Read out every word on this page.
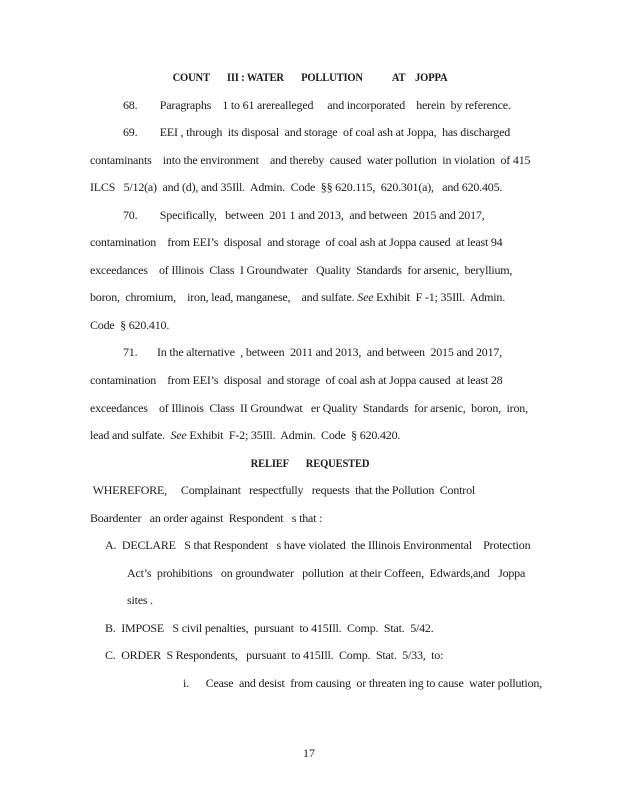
COUNT       III : WATER       POLLUTION            AT    JOPPA
68.        Paragraphs    1 to 61 arerealleged     and incorporated    herein  by reference.
69.        EEI , through  its disposal  and storage  of coal ash at Joppa,  has discharged
contaminants    into the environment    and thereby  caused  water pollution  in violation  of 415
ILCS   5/12(a)  and (d), and 35Ill.  Admin.  Code  §§ 620.115,  620.301(a),   and 620.405.
70.        Specifically,   between  201 1 and 2013,  and between  2015 and 2017,
contamination    from EEI’s  disposal  and storage  of coal ash at Joppa caused  at least 94
exceedances    of Illinois  Class  I Groundwater   Quality  Standards  for arsenic,  beryllium,
boron,  chromium,    iron, lead, manganese,    and sulfate. See Exhibit  F -1; 35Ill.  Admin.
Code  § 620.410.
71.       In the alternative  , between  2011 and 2013,  and between  2015 and 2017,
contamination    from EEI’s  disposal  and storage  of coal ash at Joppa caused  at least 28
exceedances    of Illinois  Class  II Groundwat   er Quality  Standards  for arsenic,  boron,  iron,
lead and sulfate.  See Exhibit  F-2; 35Ill.  Admin.  Code  § 620.420.
RELIEF       REQUESTED
WHEREFORE,     Complainant   respectfully   requests  that the Pollution  Control
Boardenter   an order against  Respondent   s that :
A.  DECLARE   S that Respondent   s have violated  the Illinois Environmental    Protection
Act’s  prohibitions   on groundwater   pollution  at their Coffeen,  Edwards,and   Joppa
sites .
B.  IMPOSE   S civil penalties,  pursuant  to 415Ill.  Comp.  Stat.  5/42.
C.  ORDER  S Respondents,   pursuant  to 415Ill.  Comp.  Stat.  5/33,  to:
i.      Cease  and desist  from causing  or threaten ing to cause  water pollution,
17
